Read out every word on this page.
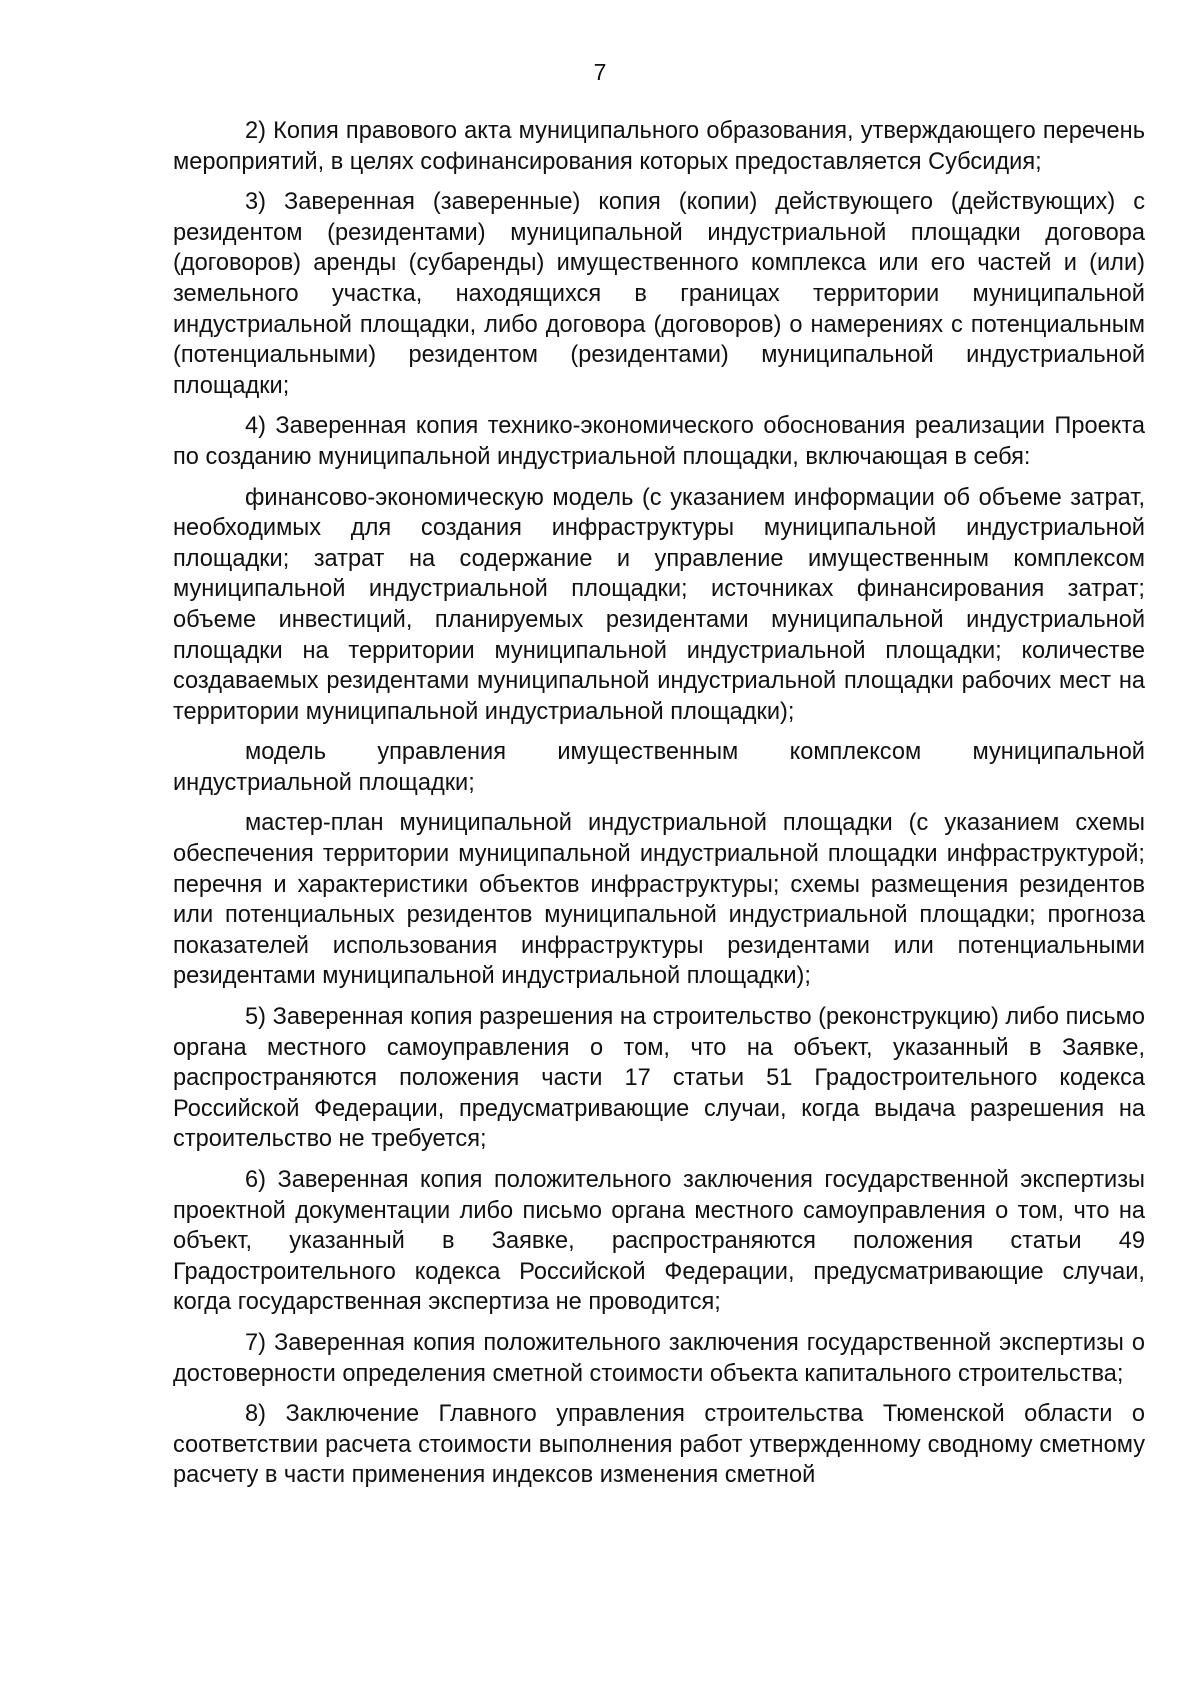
7

2) Копия правового акта муниципального образования, утверждающего перечень мероприятий, в целях софинансирования которых предоставляется Субсидия;

3) Заверенная (заверенные) копия (копии) действующего (действующих) с резидентом (резидентами) муниципальной индустриальной площадки договора (договоров) аренды (субаренды) имущественного комплекса или его частей и (или) земельного участка, находящихся в границах территории муниципальной индустриальной площадки, либо договора (договоров) о намерениях с потенциальным (потенциальными) резидентом (резидентами) муниципальной индустриальной площадки;

4) Заверенная копия технико-экономического обоснования реализации Проекта по созданию муниципальной индустриальной площадки, включающая в себя:

финансово-экономическую модель (с указанием информации об объеме затрат, необходимых для создания инфраструктуры муниципальной индустриальной площадки; затрат на содержание и управление имущественным комплексом муниципальной индустриальной площадки; источниках финансирования затрат; объеме инвестиций, планируемых резидентами муниципальной индустриальной площадки на территории муниципальной индустриальной площадки; количестве создаваемых резидентами муниципальной индустриальной площадки рабочих мест на территории муниципальной индустриальной площадки);

модель управления имущественным комплексом муниципальной индустриальной площадки;

мастер-план муниципальной индустриальной площадки (с указанием схемы обеспечения территории муниципальной индустриальной площадки инфраструктурой; перечня и характеристики объектов инфраструктуры; схемы размещения резидентов или потенциальных резидентов муниципальной индустриальной площадки; прогноза показателей использования инфраструктуры резидентами или потенциальными резидентами муниципальной индустриальной площадки);

5) Заверенная копия разрешения на строительство (реконструкцию) либо письмо органа местного самоуправления о том, что на объект, указанный в Заявке, распространяются положения части 17 статьи 51 Градостроительного кодекса Российской Федерации, предусматривающие случаи, когда выдача разрешения на строительство не требуется;

6) Заверенная копия положительного заключения государственной экспертизы проектной документации либо письмо органа местного самоуправления о том, что на объект, указанный в Заявке, распространяются положения статьи 49 Градостроительного кодекса Российской Федерации, предусматривающие случаи, когда государственная экспертиза не проводится;

7) Заверенная копия положительного заключения государственной экспертизы о достоверности определения сметной стоимости объекта капитального строительства;

8) Заключение Главного управления строительства Тюменской области о соответствии расчета стоимости выполнения работ утвержденному сводному сметному расчету в части применения индексов изменения сметной
